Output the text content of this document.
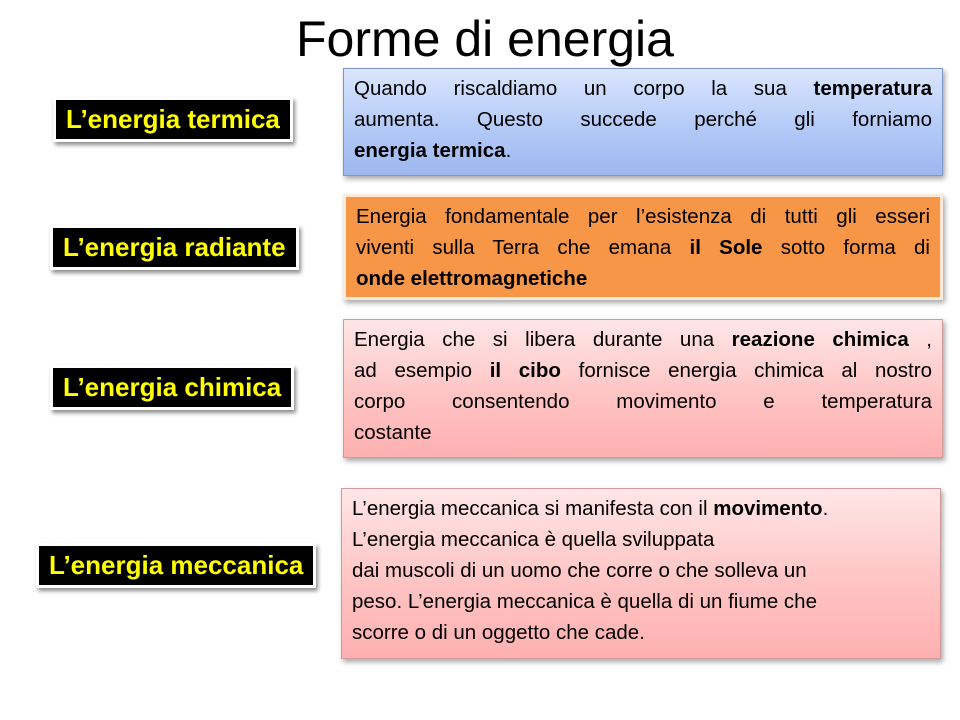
Forme di energia
L’energia termica
Quando riscaldiamo un corpo la sua temperatura
aumenta. Questo succede perché gli forniamo
energia termica.
L’energia radiante
Energia fondamentale per l’esistenza di tutti gli esseri
viventi sulla Terra che emana il Sole sotto forma di
onde elettromagnetiche
L’energia chimica
Energia che si libera durante una reazione chimica ,
ad esempio il cibo fornisce energia chimica al nostro
corpo consentendo movimento e temperatura
costante
L’energia meccanica
L’energia meccanica si manifesta con il movimento.
L’energia meccanica è quella sviluppata
dai muscoli di un uomo che corre o che solleva un
peso. L’energia meccanica è quella di un fiume che
scorre o di un oggetto che cade.
